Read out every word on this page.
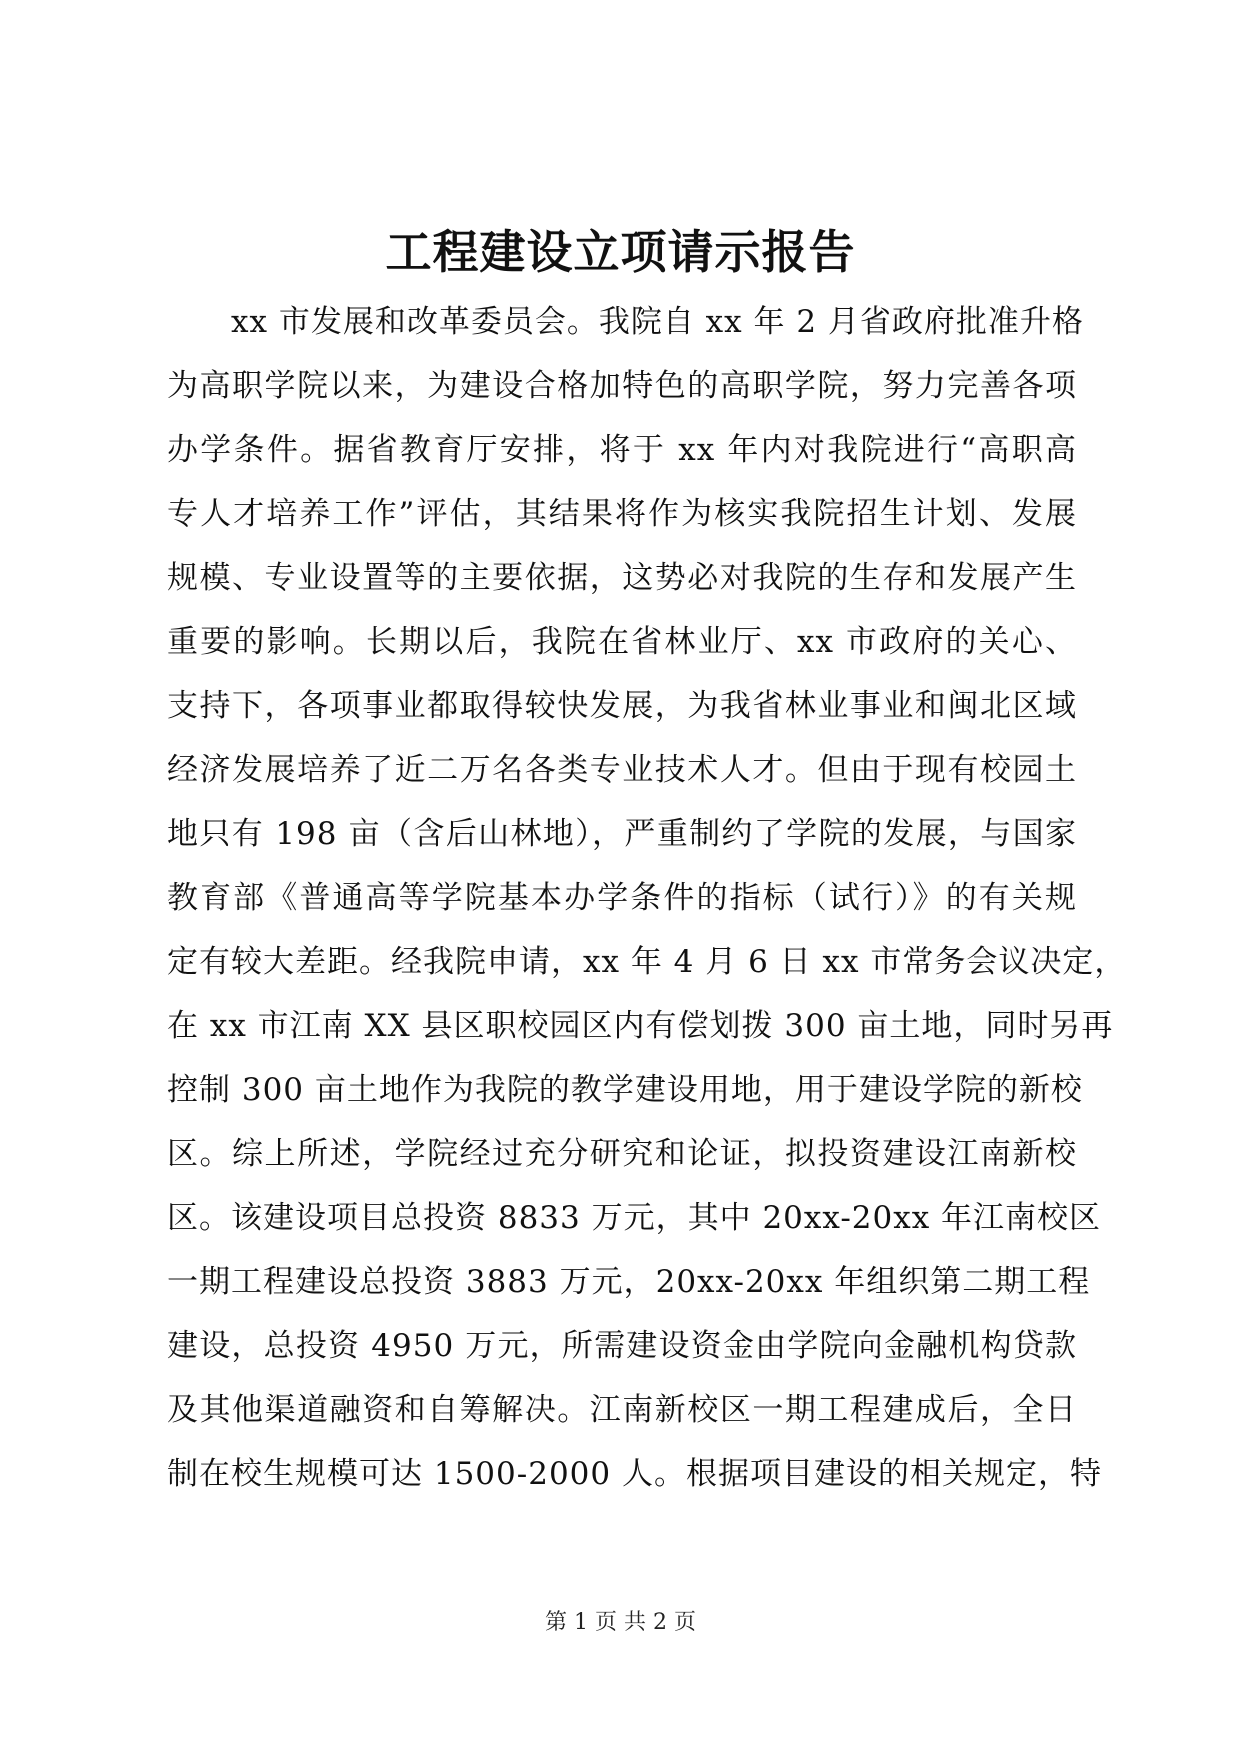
工程建设立项请示报告
xx 市发展和改革委员会。我院自 xx 年 2 月省政府批准升格
为高职学院以来，为建设合格加特色的高职学院，努力完善各项
办学条件。据省教育厅安排，将于 xx 年内对我院进行“高职高
专人才培养工作”评估，其结果将作为核实我院招生计划、发展
规模、专业设置等的主要依据，这势必对我院的生存和发展产生
重要的影响。长期以后，我院在省林业厅、xx 市政府的关心、
支持下，各项事业都取得较快发展，为我省林业事业和闽北区域
经济发展培养了近二万名各类专业技术人才。但由于现有校园土
地只有 198 亩（含后山林地），严重制约了学院的发展，与国家
教育部《普通高等学院基本办学条件的指标（试行）》的有关规
定有较大差距。经我院申请，xx 年 4 月 6 日 xx 市常务会议决定，
在 xx 市江南 XX 县区职校园区内有偿划拨 300 亩土地，同时另再
控制 300 亩土地作为我院的教学建设用地，用于建设学院的新校
区。综上所述，学院经过充分研究和论证，拟投资建设江南新校
区。该建设项目总投资 8833 万元，其中 20xx-20xx 年江南校区
一期工程建设总投资 3883 万元，20xx-20xx 年组织第二期工程
建设，总投资 4950 万元，所需建设资金由学院向金融机构贷款
及其他渠道融资和自筹解决。江南新校区一期工程建成后，全日
制在校生规模可达 1500-2000 人。根据项目建设的相关规定，特
第 1 页 共 2 页
